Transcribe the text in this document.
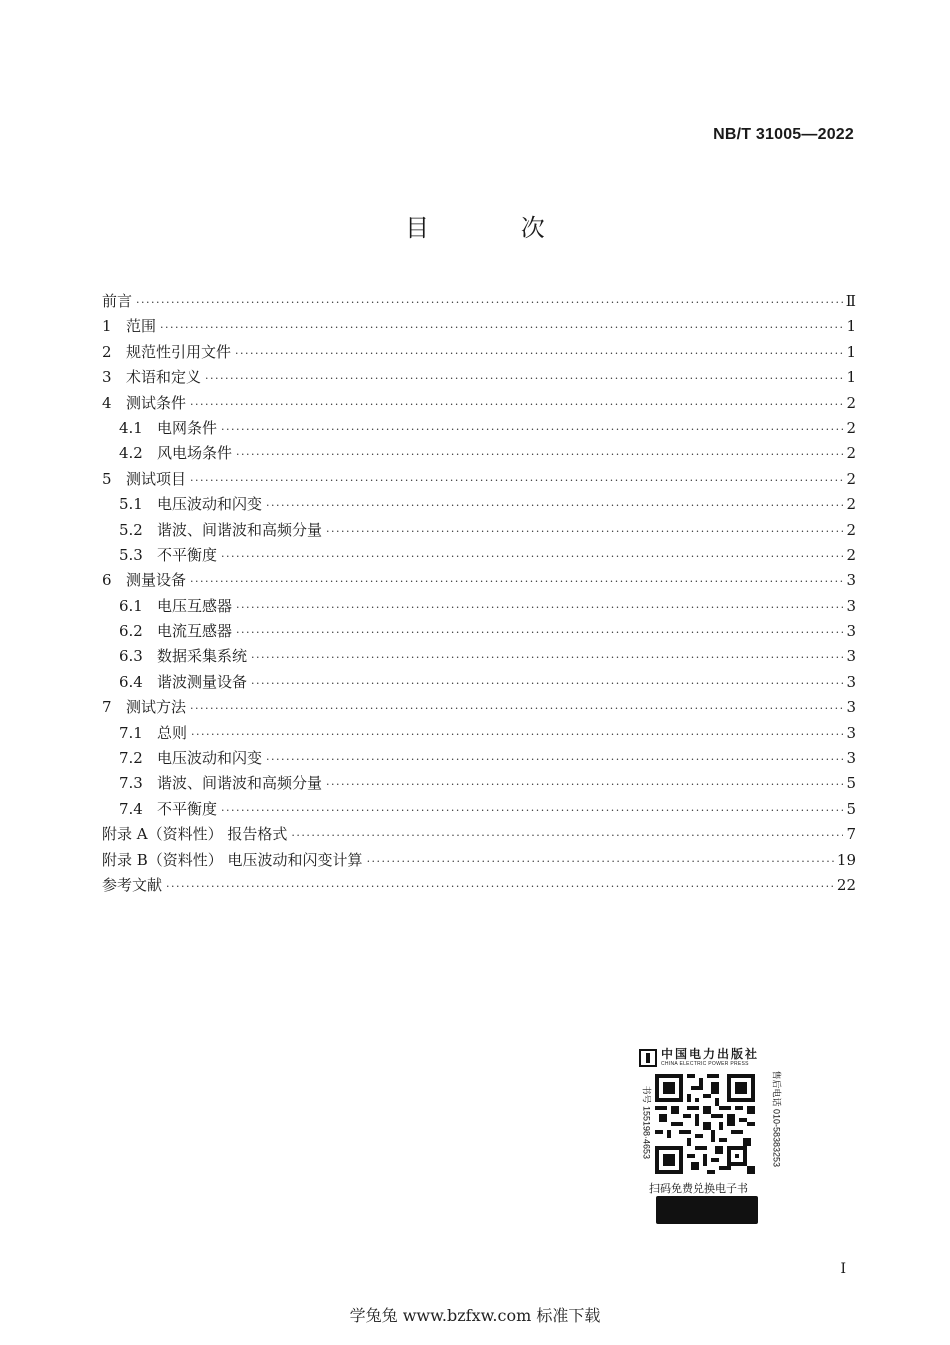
NB/T 31005—2022
目 次
前言 ·····	Ⅱ
1 范围 ·····	1
2 规范性引用文件 ·····	1
3 术语和定义 ·····	1
4 测试条件 ·····	2
4.1 电网条件 ·····	2
4.2 风电场条件 ·····	2
5 测试项目 ·····	2
5.1 电压波动和闪变 ·····	2
5.2 谐波、间谐波和高频分量 ·····	2
5.3 不平衡度 ·····	2
6 测量设备 ·····	3
6.1 电压互感器 ·····	3
6.2 电流互感器 ·····	3
6.3 数据采集系统 ·····	3
6.4 谐波测量设备 ·····	3
7 测试方法 ·····	3
7.1 总则 ·····	3
7.2 电压波动和闪变 ·····	3
7.3 谐波、间谐波和高频分量 ·····	5
7.4 不平衡度 ·····	5
附录 A（资料性） 报告格式 ·····	7
附录 B（资料性） 电压波动和闪变计算 ·····	19
参考文献 ·····	22
中国电力出版社
CHINA ELECTRIC POWER PRESS
书号 155198·4653	售后电话 010-58383253
扫码免费兑换电子书
I
学兔兔 www.bzfxw.com 标准下载
